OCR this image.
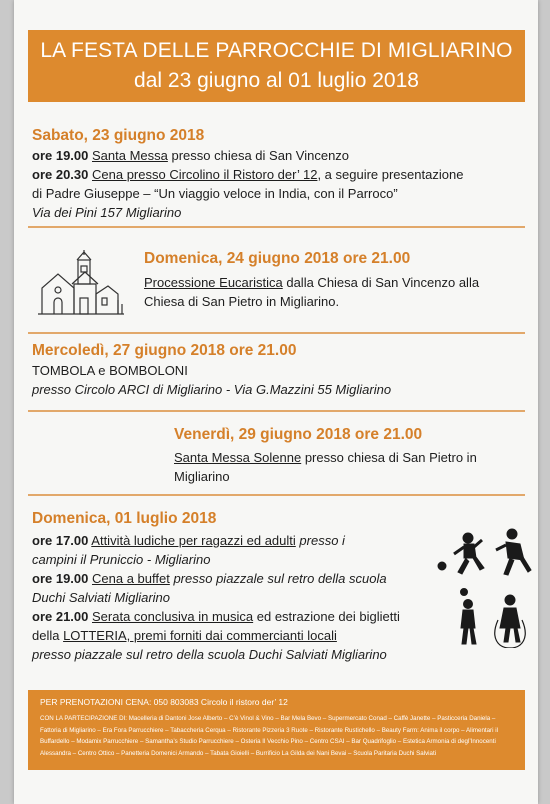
LA FESTA DELLE PARROCCHIE DI MIGLIARINO
dal 23 giugno al 01 luglio 2018
Sabato, 23 giugno 2018
ore 19.00 Santa Messa presso chiesa di San Vincenzo
ore 20.30 Cena presso Circolino il Ristoro der’ 12, a seguire presentazione
di Padre Giuseppe – “Un viaggio veloce in India, con il Parroco”
Via dei Pini 157 Migliarino
Domenica, 24 giugno 2018 ore 21.00
Processione Eucaristica dalla Chiesa di San Vincenzo alla
Chiesa di San Pietro in Migliarino.
Mercoledì, 27 giugno 2018 ore 21.00
TOMBOLA e BOMBOLONI
presso Circolo ARCI di Migliarino - Via G.Mazzini 55 Migliarino
Venerdì, 29 giugno 2018 ore 21.00
Santa Messa Solenne presso chiesa di San Pietro in
Migliarino
Domenica, 01 luglio 2018
ore 17.00 Attività ludiche per ragazzi ed adulti presso i
campini il Pruniccio - Migliarino
ore 19.00 Cena a buffet presso piazzale sul retro della scuola
Duchi Salviati Migliarino
ore 21.00 Serata conclusiva in musica ed estrazione dei biglietti
della LOTTERIA, premi forniti dai commercianti locali
presso piazzale sul retro della scuola Duchi Salviati Migliarino
PER PRENOTAZIONI CENA: 050 803083 Circolo il ristoro der’ 12
CON LA PARTECIPAZIONE DI: Macelleria di Dantoni Jose Alberto – C’è Vinol & Vino – Bar Mela Bevo – Supermercato Conad – Caffè Janette – Pasticceria Daniela – Fattoria di Migliarino – Era Fora Parrucchiere – Tabaccheria Cerqua – Ristorante Pizzeria 3 Ruote – Ristorante Rustichello – Beauty Farm: Anima il corpo – Alimentari il Buffardello – Modamix Parrucchiere – Samantha’s Studio Parrucchiere – Osteria Il Vecchio Pino – Centro CSAI – Bar Quadrifoglio – Estetica Armonia di degl’Innocenti Alessandra – Centro Ottico – Panetteria Domenici Armando – Tabata Gioielli – Burrificio La Gilda dei Nani Bevai – Scuola Paritaria Duchi Salviati
